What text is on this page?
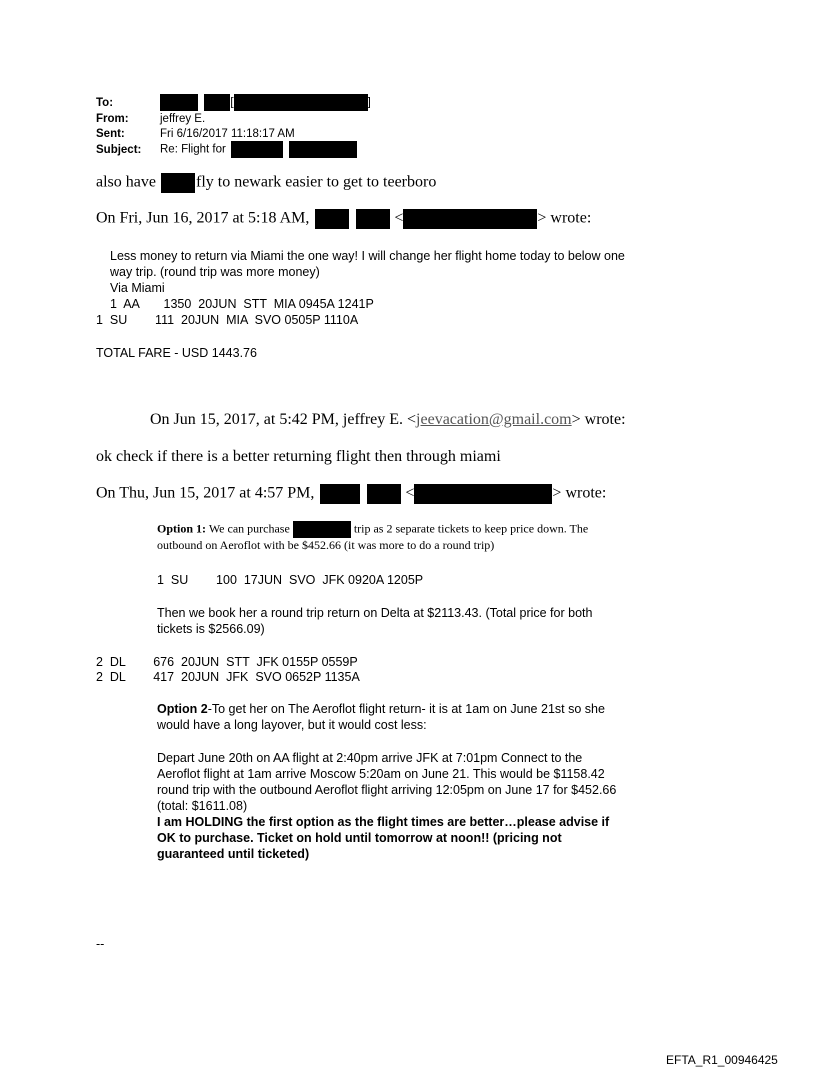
To:	[	]
From:	jeffrey E.
Sent:	Fri 6/16/2017 11:18:17 AM
Subject: Re: Flight for
also have	fly to newark easier to get to teerboro
On Fri, Jun 16, 2017 at 5:18 AM,	<	> wrote:
Less money to return via Miami the one way! I will change her flight home today to below one
way trip. (round trip was more money)
Via Miami
1  AA       1350  20JUN  STT  MIA 0945A 1241P
1  SU        111  20JUN  MIA  SVO 0505P 1110A
TOTAL FARE - USD 1443.76
On Jun 15, 2017, at 5:42 PM, jeffrey E. <jeevacation@gmail.com> wrote:
ok check if there is a better returning flight then through miami
On Thu, Jun 15, 2017 at 4:57 PM,	<	> wrote:
Option 1: We can purchase	trip as 2 separate tickets to keep price down. The
outbound on Aeroflot with be $452.66 (it was more to do a round trip)
1  SU        100  17JUN  SVO  JFK 0920A 1205P
Then we book her a round trip return on Delta at $2113.43. (Total price for both
tickets is $2566.09)
2  DL        676  20JUN  STT  JFK 0155P 0559P
2  DL        417  20JUN  JFK  SVO 0652P 1135A
Option 2-To get her on The Aeroflot flight return- it is at 1am on June 21st so she
would have a long layover, but it would cost less:
Depart June 20th on AA flight at 2:40pm arrive JFK at 7:01pm Connect to the
Aeroflot flight at 1am arrive Moscow 5:20am on June 21. This would be $1158.42
round trip with the outbound Aeroflot flight arriving 12:05pm on June 17 for $452.66
(total: $1611.08)
I am HOLDING the first option as the flight times are better…please advise if
OK to purchase. Ticket on hold until tomorrow at noon!! (pricing not
guaranteed until ticketed)
--
EFTA_R1_00946425
